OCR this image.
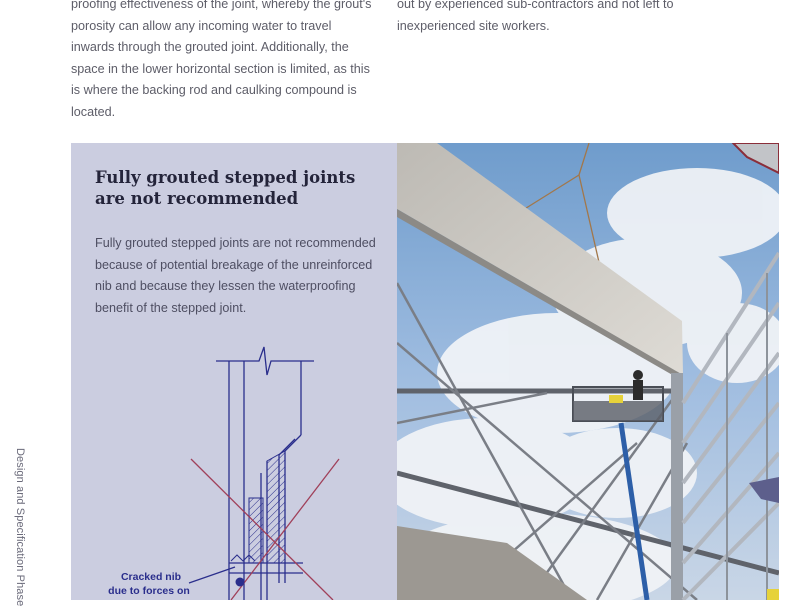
proofing effectiveness of the joint, whereby the grout's porosity can allow any incoming water to travel inwards through the grouted joint. Additionally, the space in the lower horizontal section is limited, as this is where the backing rod and caulking compound is located.

out by experienced sub-contractors and not left to inexperienced site workers.

Design and Specification Phase
Fully grouted stepped joints are not recommended

Fully grouted stepped joints are not recommended because of potential breakage of the unreinforced nib and because they lessen the waterproofing benefit of the stepped joint.

Cracked nib
due to forces on
